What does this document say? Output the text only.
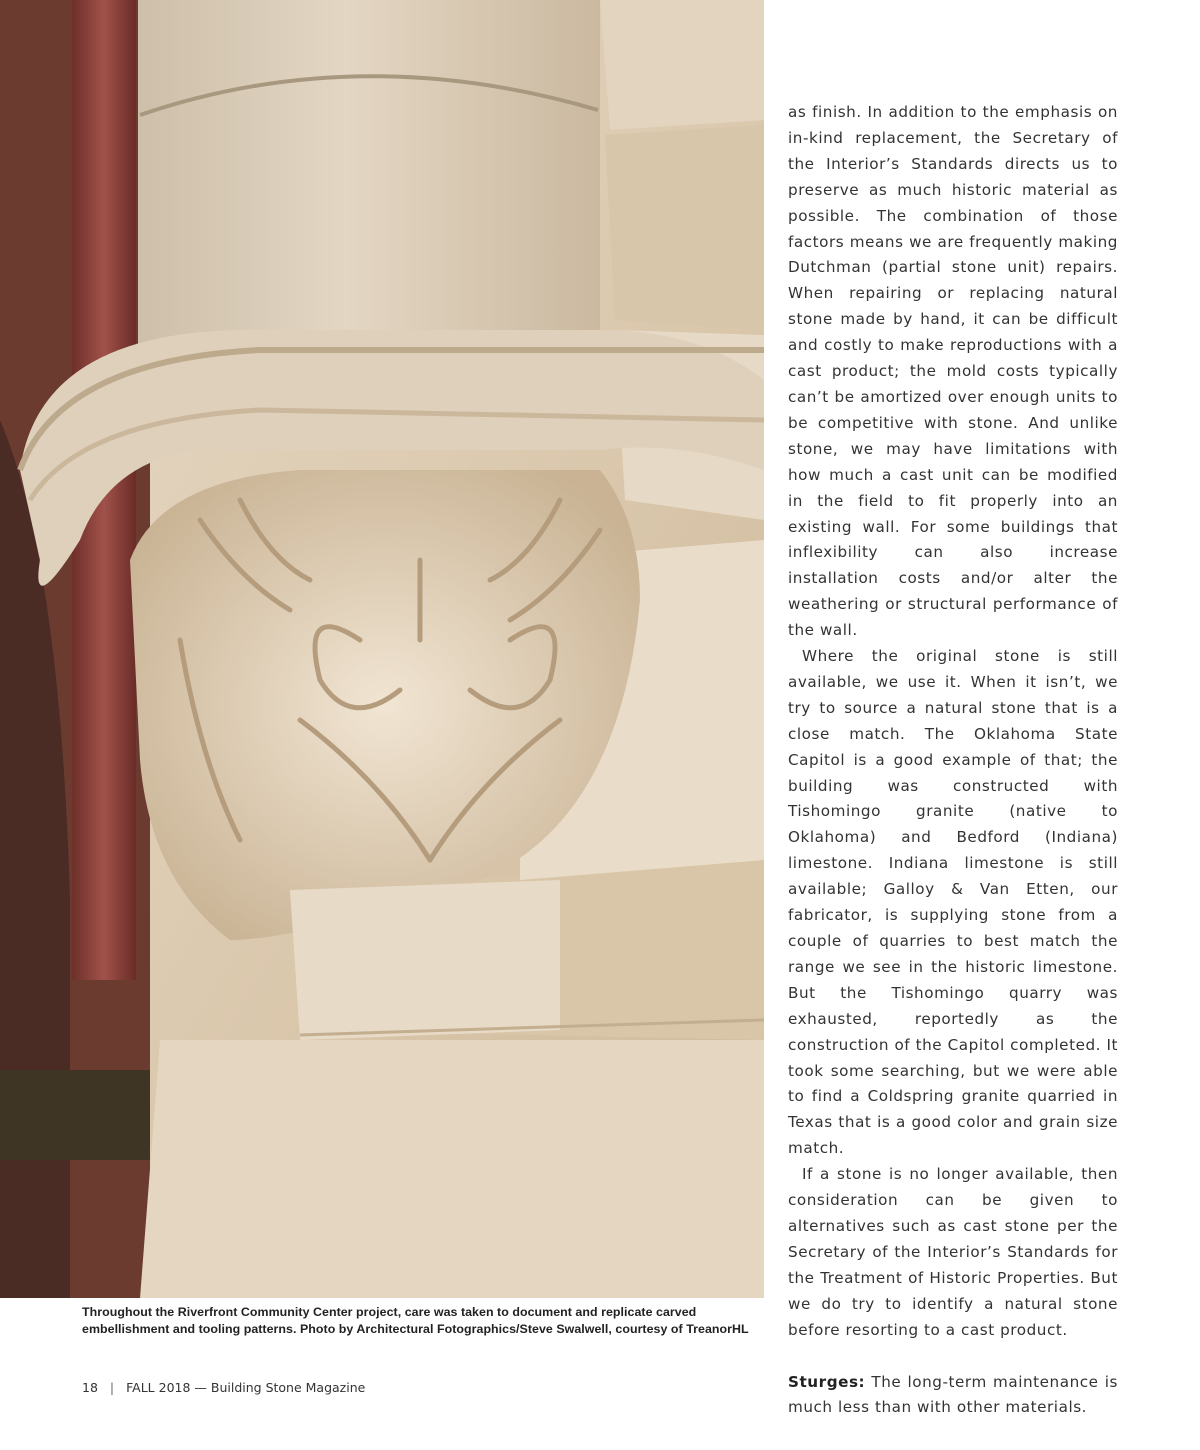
Throughout the Riverfront Community Center project, care was taken to document and replicate carved embellishment and tooling patterns. Photo by Architectural Fotographics/Steve Swalwell, courtesy of TreanorHL

as finish. In addition to the emphasis on in-kind replacement, the Secretary of the Interior’s Standards directs us to preserve as much historic material as possible. The combination of those factors means we are frequently making Dutchman (partial stone unit) repairs. When repairing or replacing natural stone made by hand, it can be difficult and costly to make reproductions with a cast product; the mold costs typically can’t be amortized over enough units to be competitive with stone. And unlike stone, we may have limitations with how much a cast unit can be modified in the field to fit properly into an existing wall. For some buildings that inflexibility can also increase installation costs and/or alter the weathering or structural performance of the wall.

Where the original stone is still available, we use it. When it isn’t, we try to source a natural stone that is a close match. The Oklahoma State Capitol is a good example of that; the building was constructed with Tishomingo granite (native to Oklahoma) and Bedford (Indiana) limestone. Indiana limestone is still available; Galloy & Van Etten, our fabricator, is supplying stone from a couple of quarries to best match the range we see in the historic limestone. But the Tishomingo quarry was exhausted, reportedly as the construction of the Capitol completed. It took some searching, but we were able to find a Coldspring granite quarried in Texas that is a good color and grain size match.

If a stone is no longer available, then consideration can be given to alternatives such as cast stone per the Secretary of the Interior’s Standards for the Treatment of Historic Properties. But we do try to identify a natural stone before resorting to a cast product.

Sturges: The long-term maintenance is much less than with other materials.

18 | FALL 2018 — Building Stone Magazine
